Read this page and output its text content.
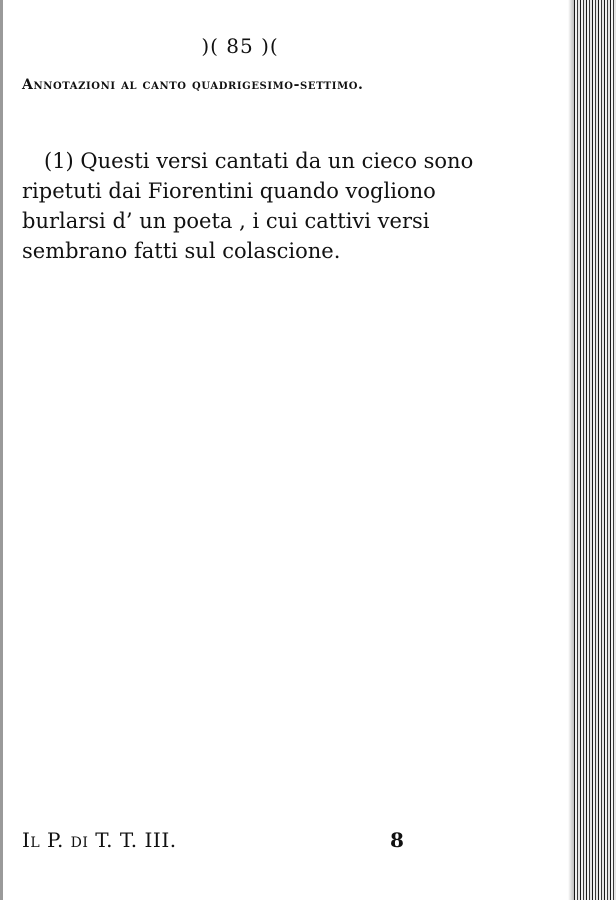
)( 85 )(
Annotazioni al canto quadrigesimo-settimo.
(1) Questi versi cantati da un cieco sono
ripetuti dai Fiorentini quando vogliono
burlarsi d’ un poeta , i cui cattivi versi
sembrano fatti sul colascione.
Il P. di T. T. III.	8
